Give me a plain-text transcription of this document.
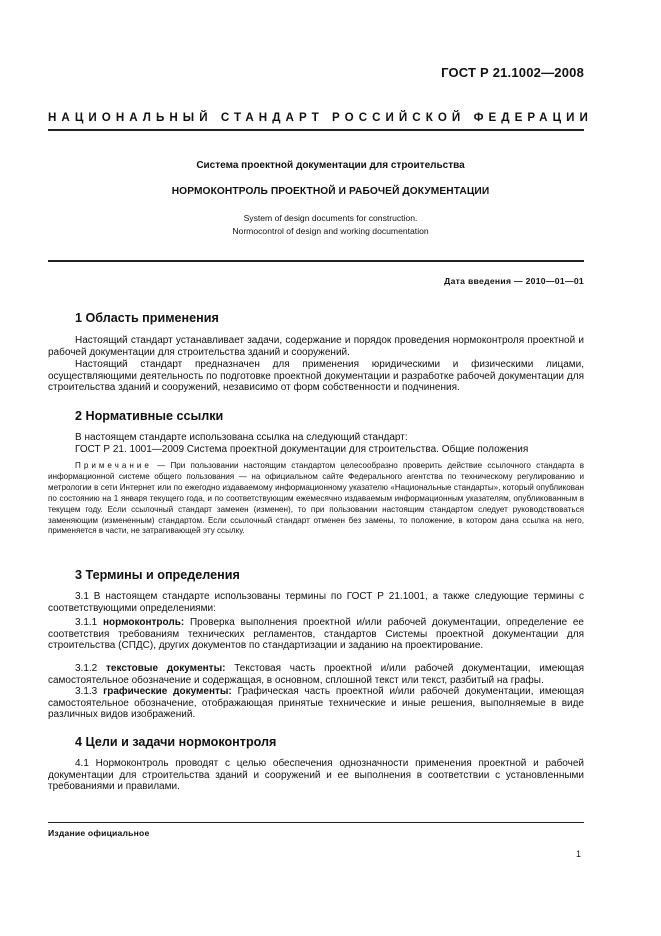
ГОСТ Р 21.1002—2008
НАЦИОНАЛЬНЫЙ СТАНДАРТ РОССИЙСКОЙ ФЕДЕРАЦИИ
Система проектной документации для строительства
НОРМОКОНТРОЛЬ ПРОЕКТНОЙ И РАБОЧЕЙ ДОКУМЕНТАЦИИ
System of design documents for construction.
Normocontrol of design and working documentation
Дата введения — 2010—01—01
1 Область применения
Настоящий стандарт устанавливает задачи, содержание и порядок проведения нормоконтроля проектной и рабочей документации для строительства зданий и сооружений.
Настоящий стандарт предназначен для применения юридическими и физическими лицами, осуществляющими деятельность по подготовке проектной документации и разработке рабочей документации для строительства зданий и сооружений, независимо от форм собственности и подчинения.
2 Нормативные ссылки
В настоящем стандарте использована ссылка на следующий стандарт:
ГОСТ Р 21. 1001—2009 Система проектной документации для строительства. Общие положения
Примечание — При пользовании настоящим стандартом целесообразно проверить действие ссылочного стандарта в информационной системе общего пользования — на официальном сайте Федерального агентства по техническому регулированию и метрологии в сети Интернет или по ежегодно издаваемому информационному указателю «Национальные стандарты», который опубликован по состоянию на 1 января текущего года, и по соответствующим ежемесячно издаваемым информационным указателям, опубликованным в текущем году. Если ссылочный стандарт заменен (изменен), то при пользовании настоящим стандартом следует руководствоваться заменяющим (измененным) стандартом. Если ссылочный стандарт отменен без замены, то положение, в котором дана ссылка на него, применяется в части, не затрагивающей эту ссылку.
3 Термины и определения
3.1 В настоящем стандарте использованы термины по ГОСТ Р 21.1001, а также следующие термины с соответствующими определениями:
3.1.1 нормоконтроль: Проверка выполнения проектной и/или рабочей документации, определение ее соответствия требованиям технических регламентов, стандартов Системы проектной документации для строительства (СПДС), других документов по стандартизации и заданию на проектирование.
3.1.2 текстовые документы: Текстовая часть проектной и/или рабочей документации, имеющая самостоятельное обозначение и содержащая, в основном, сплошной текст или текст, разбитый на графы.
3.1.3 графические документы: Графическая часть проектной и/или рабочей документации, имеющая самостоятельное обозначение, отображающая принятые технические и иные решения, выполняемые в виде различных видов изображений.
4 Цели и задачи нормоконтроля
4.1 Нормоконтроль проводят с целью обеспечения однозначности применения проектной и рабочей документации для строительства зданий и сооружений и ее выполнения в соответствии с установленными требованиями и правилами.
Издание официальное
1
